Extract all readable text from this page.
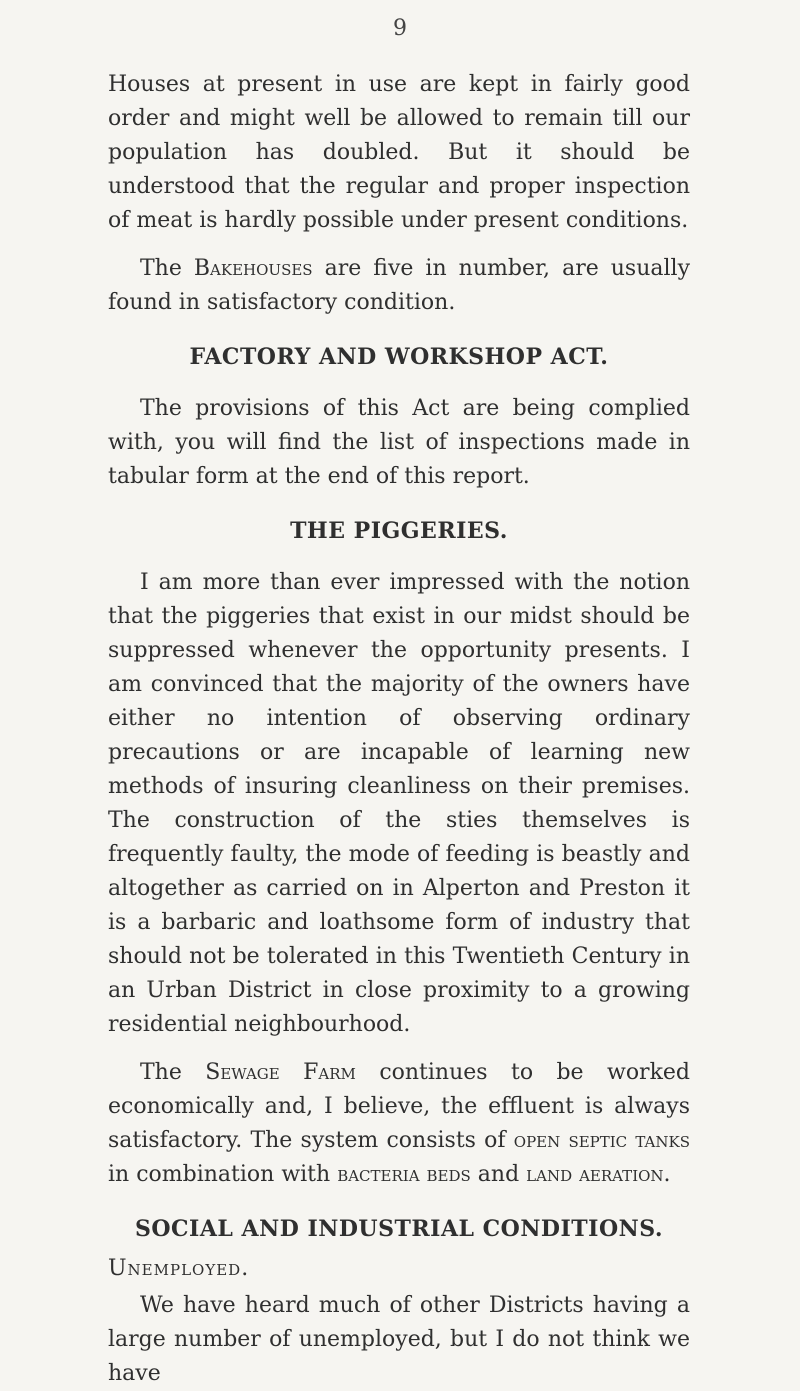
9

Houses at present in use are kept in fairly good order and might well be allowed to remain till our population has doubled. But it should be understood that the regular and proper inspection of meat is hardly possible under present conditions.

The Bakehouses are five in number, are usually found in satisfactory condition.

FACTORY AND WORKSHOP ACT.

The provisions of this Act are being complied with, you will find the list of inspections made in tabular form at the end of this report.

THE PIGGERIES.

I am more than ever impressed with the notion that the piggeries that exist in our midst should be suppressed whenever the opportunity presents. I am convinced that the majority of the owners have either no intention of observing ordinary precautions or are incapable of learning new methods of insuring cleanliness on their premises. The construction of the sties themselves is frequently faulty, the mode of feeding is beastly and altogether as carried on in Alperton and Preston it is a barbaric and loathsome form of industry that should not be tolerated in this Twentieth Century in an Urban District in close proximity to a growing residential neighbourhood.

The Sewage Farm continues to be worked economically and, I believe, the effluent is always satisfactory. The system consists of open septic tanks in combination with bacteria beds and land aeration.

SOCIAL AND INDUSTRIAL CONDITIONS.

Unemployed.

We have heard much of other Districts having a large number of unemployed, but I do not think we have
